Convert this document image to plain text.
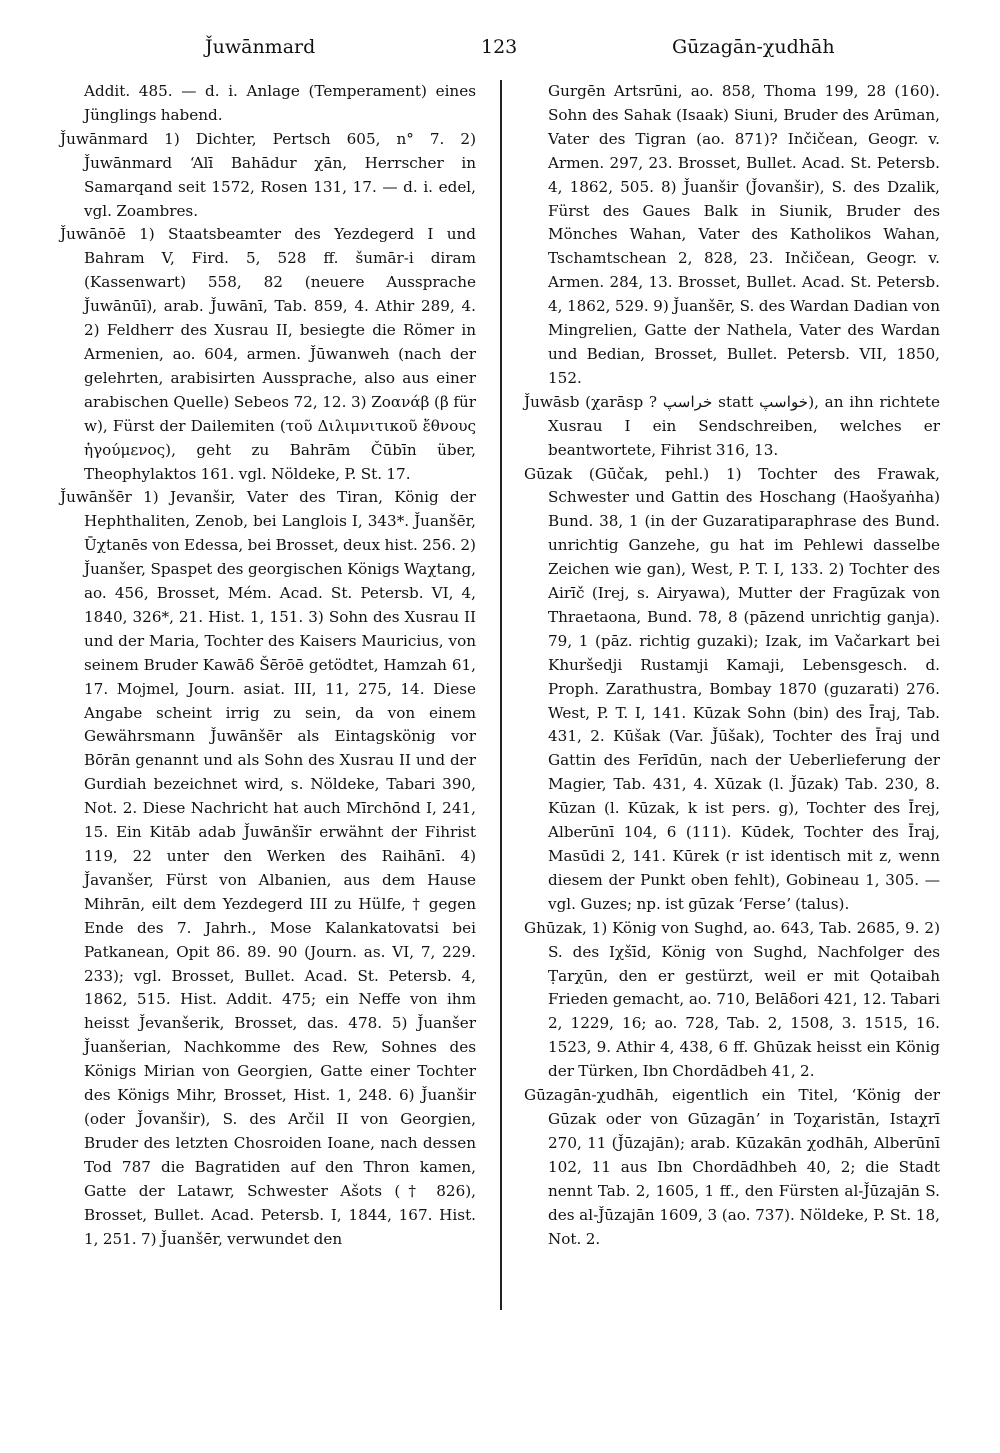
J̌uwānmard	123	Gūzagān-χudhāh

Addit. 485. — d. i. Anlage (Temperament) eines Jünglings habend.

J̌uwānmard 1) Dichter, Pertsch 605, n° 7. 2) J̌uwānmard ʻAlī Bahādur χān, Herrscher in Samarqand seit 1572, Rosen 131, 17. — d. i. edel, vgl. Zoambres.

J̌uwānōē 1) Staatsbeamter des Yezdegerd I und Bahram V, Fird. 5, 528 ff. šumār-i diram (Kassenwart) 558, 82 (neuere Aussprache J̌uwānūī), arab. J̌uwānī, Tab. 859, 4. Athir 289, 4. 2) Feldherr des Xusrau II, besiegte die Römer in Armenien, ao. 604, armen. J̌ūwanweh (nach der gelehrten, arabisirten Aussprache, also aus einer arabischen Quelle) Sebeos 72, 12. 3) Ζοανάβ (β für w), Fürst der Dailemiten (τοῦ Διλιμνιτικοῦ ἔθνους ἡγούμενος), geht zu Bahrām Čūbīn über, Theophylaktos 161. vgl. Nöldeke, P. St. 17.

J̌uwānšēr 1) Jevanšir, Vater des Tiran, König der Hephthaliten, Zenob, bei Langlois I, 343*. J̌uanšēr, Ūχtanēs von Edessa, bei Brosset, deux hist. 256. 2) J̌uanšer, Spaspet des georgischen Königs Waχtang, ao. 456, Brosset, Mém. Acad. St. Petersb. VI, 4, 1840, 326*, 21. Hist. 1, 151. 3) Sohn des Xusrau II und der Maria, Tochter des Kaisers Mauricius, von seinem Bruder Kawāδ Šērōē getödtet, Hamzah 61, 17. Mojmel, Journ. asiat. III, 11, 275, 14. Diese Angabe scheint irrig zu sein, da von einem Gewährsmann J̌uwānšēr als Eintagskönig vor Bōrān genannt und als Sohn des Xusrau II und der Gurdiah bezeichnet wird, s. Nöldeke, Tabari 390, Not. 2. Diese Nachricht hat auch Mīrchōnd I, 241, 15. Ein Kitāb adab J̌uwānšīr erwähnt der Fihrist 119, 22 unter den Werken des Raihānī. 4) J̌avanšer, Fürst von Albanien, aus dem Hause Mihrān, eilt dem Yezdegerd III zu Hülfe, † gegen Ende des 7. Jahrh., Mose Kalankatovatsi bei Patkanean, Opit 86. 89. 90 (Journ. as. VI, 7, 229. 233); vgl. Brosset, Bullet. Acad. St. Petersb. 4, 1862, 515. Hist. Addit. 475; ein Neffe von ihm heisst J̌evanšerik, Brosset, das. 478. 5) J̌uanšer J̌uanšerian, Nachkomme des Rew, Sohnes des Königs Mirian von Georgien, Gatte einer Tochter des Königs Mihr, Brosset, Hist. 1, 248. 6) J̌uanšir (oder J̌ovanšir), S. des Arčil II von Georgien, Bruder des letzten Chosroiden Ioane, nach dessen Tod 787 die Bagratiden auf den Thron kamen, Gatte der Latawr, Schwester Ašots († 826), Brosset, Bullet. Acad. Petersb. I, 1844, 167. Hist. 1, 251. 7) J̌uanšēr, verwundet den

Gurgēn Artsrūni, ao. 858, Thoma 199, 28 (160). Sohn des Sahak (Isaak) Siuni, Bruder des Arūman, Vater des Tigran (ao. 871)? Inčičean, Geogr. v. Armen. 297, 23. Brosset, Bullet. Acad. St. Petersb. 4, 1862, 505. 8) J̌uanšir (J̌ovanšir), S. des Dzalik, Fürst des Gaues Balk in Siunik, Bruder des Mönches Wahan, Vater des Katholikos Wahan, Tschamtschean 2, 828, 23. Inčičean, Geogr. v. Armen. 284, 13. Brosset, Bullet. Acad. St. Petersb. 4, 1862, 529. 9) J̌uanšēr, S. des Wardan Dadian von Mingrelien, Gatte der Nathela, Vater des Wardan und Bedian, Brosset, Bullet. Petersb. VII, 1850, 152.

J̌uwāsb (χarāsp ? خراسپ statt خواسپ), an ihn richtete Xusrau I ein Sendschreiben, welches er beantwortete, Fihrist 316, 13.

Gūzak (Gūčak, pehl.) 1) Tochter des Frawak, Schwester und Gattin des Hoschang (Haošyaṅha) Bund. 38, 1 (in der Guzaratiparaphrase des Bund. unrichtig Ganzehe, gu hat im Pehlewi dasselbe Zeichen wie gan), West, P. T. I, 133. 2) Tochter des Airīč (Irej, s. Airyawa), Mutter der Fragūzak von Thraetaona, Bund. 78, 8 (pāzend unrichtig ganja). 79, 1 (pāz. richtig guzaki); Izak, im Vačarkart bei Khuršedji Rustamji Kamaji, Lebensgesch. d. Proph. Zarathustra, Bombay 1870 (guzarati) 276. West, P. T. I, 141. Kūzak Sohn (bin) des Īraj, Tab. 431, 2. Kūšak (Var. J̌ūšak), Tochter des Īraj und Gattin des Ferīdūn, nach der Ueberlieferung der Magier, Tab. 431, 4. Xūzak (l. J̌ūzak) Tab. 230, 8. Kūzan (l. Kūzak, k ist pers. g), Tochter des Īrej, Alberūnī 104, 6 (111). Kūdek, Tochter des Īraj, Masūdi 2, 141. Kūrek (r ist identisch mit z, wenn diesem der Punkt oben fehlt), Gobineau 1, 305. — vgl. Guzes; np. ist gūzak ʻFerseʼ (talus).

Ghūzak, 1) König von Sughd, ao. 643, Tab. 2685, 9. 2) S. des Iχšīd, König von Sughd, Nachfolger des Ṭarχūn, den er gestürzt, weil er mit Qotaibah Frieden gemacht, ao. 710, Belāδori 421, 12. Tabari 2, 1229, 16; ao. 728, Tab. 2, 1508, 3. 1515, 16. 1523, 9. Athir 4, 438, 6 ff. Ghūzak heisst ein König der Türken, Ibn Chordādbeh 41, 2.

Gūzagān-χudhāh, eigentlich ein Titel, ʻKönig der Gūzak oder von Gūzagānʼ in Toχaristān, Istaχrī 270, 11 (J̌ūzajān); arab. Kūzakān χodhāh, Alberūnī 102, 11 aus Ibn Chordādhbeh 40, 2; die Stadt nennt Tab. 2, 1605, 1 ff., den Fürsten al-J̌ūzajān S. des al-J̌ūzajān 1609, 3 (ao. 737). Nöldeke, P. St. 18, Not. 2.
